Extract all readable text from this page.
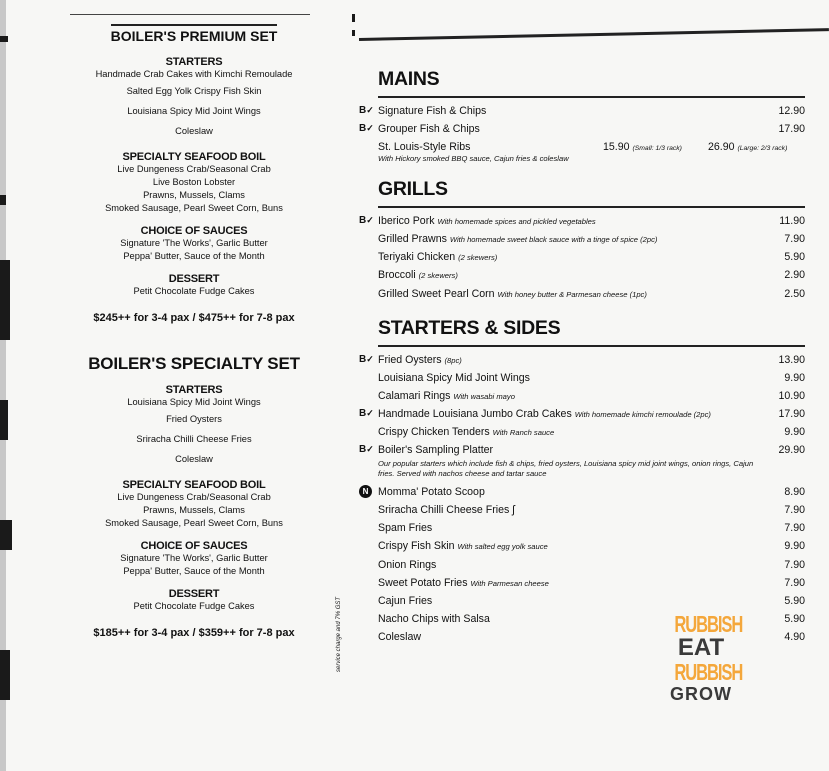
BOILER'S PREMIUM SET
STARTERS
Handmade Crab Cakes with Kimchi Remoulade
Salted Egg Yolk Crispy Fish Skin
Louisiana Spicy Mid Joint Wings
Coleslaw
SPECIALTY SEAFOOD BOIL
Live Dungeness Crab/Seasonal Crab
Live Boston Lobster
Prawns, Mussels, Clams
Smoked Sausage, Pearl Sweet Corn, Buns
CHOICE OF SAUCES
Signature 'The Works', Garlic Butter
Peppa' Butter, Sauce of the Month
DESSERT
Petit Chocolate Fudge Cakes
$245++ for 3-4 pax / $475++ for 7-8 pax
BOILER'S SPECIALTY SET
STARTERS
Louisiana Spicy Mid Joint Wings
Fried Oysters
Sriracha Chilli Cheese Fries
Coleslaw
SPECIALTY SEAFOOD BOIL
Live Dungeness Crab/Seasonal Crab
Prawns, Mussels, Clams
Smoked Sausage, Pearl Sweet Corn, Buns
CHOICE OF SAUCES
Signature 'The Works', Garlic Butter
Peppa' Butter, Sauce of the Month
DESSERT
Petit Chocolate Fudge Cakes
$185++ for 3-4 pax / $359++ for 7-8 pax	service charge and 7% GST
MAINS
B✓ Signature Fish & Chips	12.90
B✓ Grouper Fish & Chips	17.90
St. Louis-Style Ribs	15.90 (Small: 1/3 rack) 26.90 (Large: 2/3 rack)
With Hickory smoked BBQ sauce, Cajun fries & coleslaw
GRILLS
B✓ Iberico Pork With homemade spices and pickled vegetables	11.90
Grilled Prawns With homemade sweet black sauce with a tinge of spice (2pc)	7.90
Teriyaki Chicken (2 skewers)	5.90
Broccoli (2 skewers)	2.90
Grilled Sweet Pearl Corn With honey butter & Parmesan cheese (1pc)	2.50
STARTERS & SIDES
B✓ Fried Oysters (8pc)	13.90
Louisiana Spicy Mid Joint Wings	9.90
Calamari Rings With wasabi mayo	10.90
B✓ Handmade Louisiana Jumbo Crab Cakes With homemade kimchi remoulade (2pc)	17.90
Crispy Chicken Tenders With Ranch sauce	9.90
B✓ Boiler's Sampling Platter	29.90
Our popular starters which include fish & chips, fried oysters, Louisiana spicy mid joint wings, onion rings, Cajun fries. Served with nachos cheese and tartar sauce
N Momma' Potato Scoop	8.90
Sriracha Chilli Cheese Fries ʃ	7.90
Spam Fries	7.90
Crispy Fish Skin With salted egg yolk sauce	9.90
Onion Rings	7.90
Sweet Potato Fries With Parmesan cheese	7.90
Cajun Fries	5.90
Nacho Chips with Salsa	5.90
Coleslaw	4.90
RUBBISH
EAT
RUBBISH
GROW
